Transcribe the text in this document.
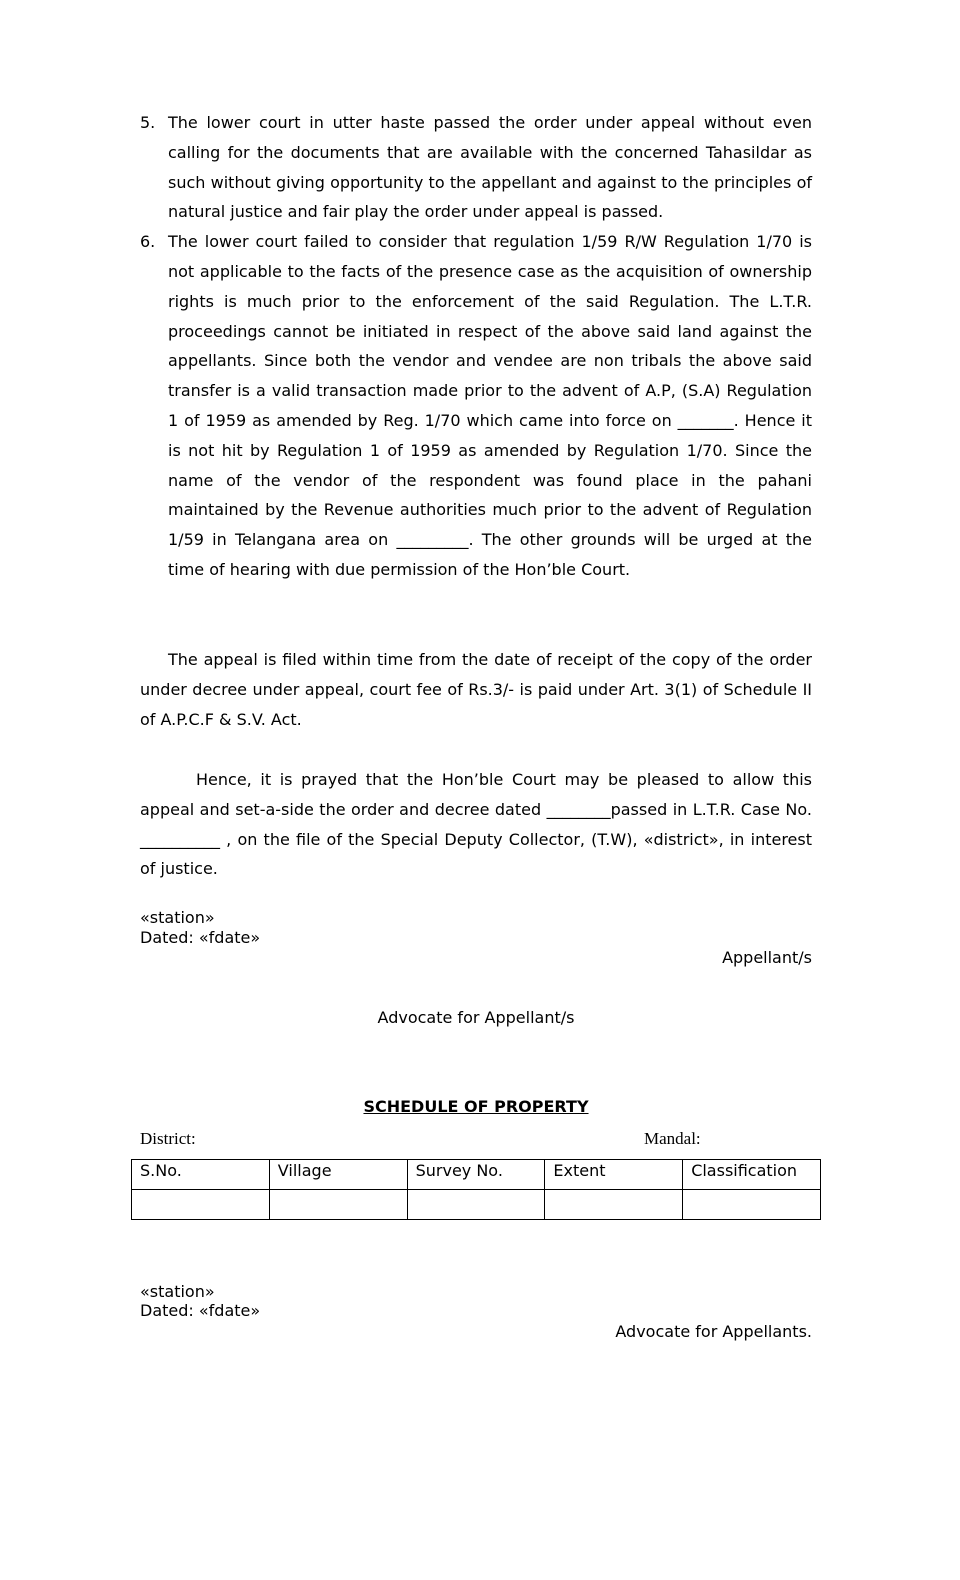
5. The lower court in utter haste passed the order under appeal without even calling for the documents that are available with the concerned Tahasildar as such without giving opportunity to the appellant and against to the principles of natural justice and fair play the order under appeal is passed.
6. The lower court failed to consider that regulation 1/59 R/W Regulation 1/70 is not applicable to the facts of the presence case as the acquisition of ownership rights is much prior to the enforcement of the said Regulation. The L.T.R. proceedings cannot be initiated in respect of the above said land against the appellants. Since both the vendor and vendee are non tribals the above said transfer is a valid transaction made prior to the advent of A.P, (S.A) Regulation 1 of 1959 as amended by Reg. 1/70 which came into force on _______. Hence it is not hit by Regulation 1 of 1959 as amended by Regulation 1/70. Since the name of the vendor of the respondent was found place in the pahani maintained by the Revenue authorities much prior to the advent of Regulation 1/59 in Telangana area on _________. The other grounds will be urged at the time of hearing with due permission of the Hon’ble Court.
The appeal is filed within time from the date of receipt of the copy of the order under decree under appeal, court fee of Rs.3/- is paid under Art. 3(1) of Schedule II of A.P.C.F & S.V. Act.
Hence, it is prayed that the Hon’ble Court may be pleased to allow this appeal and set-a-side the order and decree dated ________passed in L.T.R. Case No. __________ , on the file of the Special Deputy Collector, (T.W), «district», in interest of justice.
«station»
Dated: «fdate»
Appellant/s
Advocate for Appellant/s
SCHEDULE OF PROPERTY
District:	Mandal:
S.No.	Village	Survey No.	Extent	Classification

«station»
Dated: «fdate»
Advocate for Appellants.
